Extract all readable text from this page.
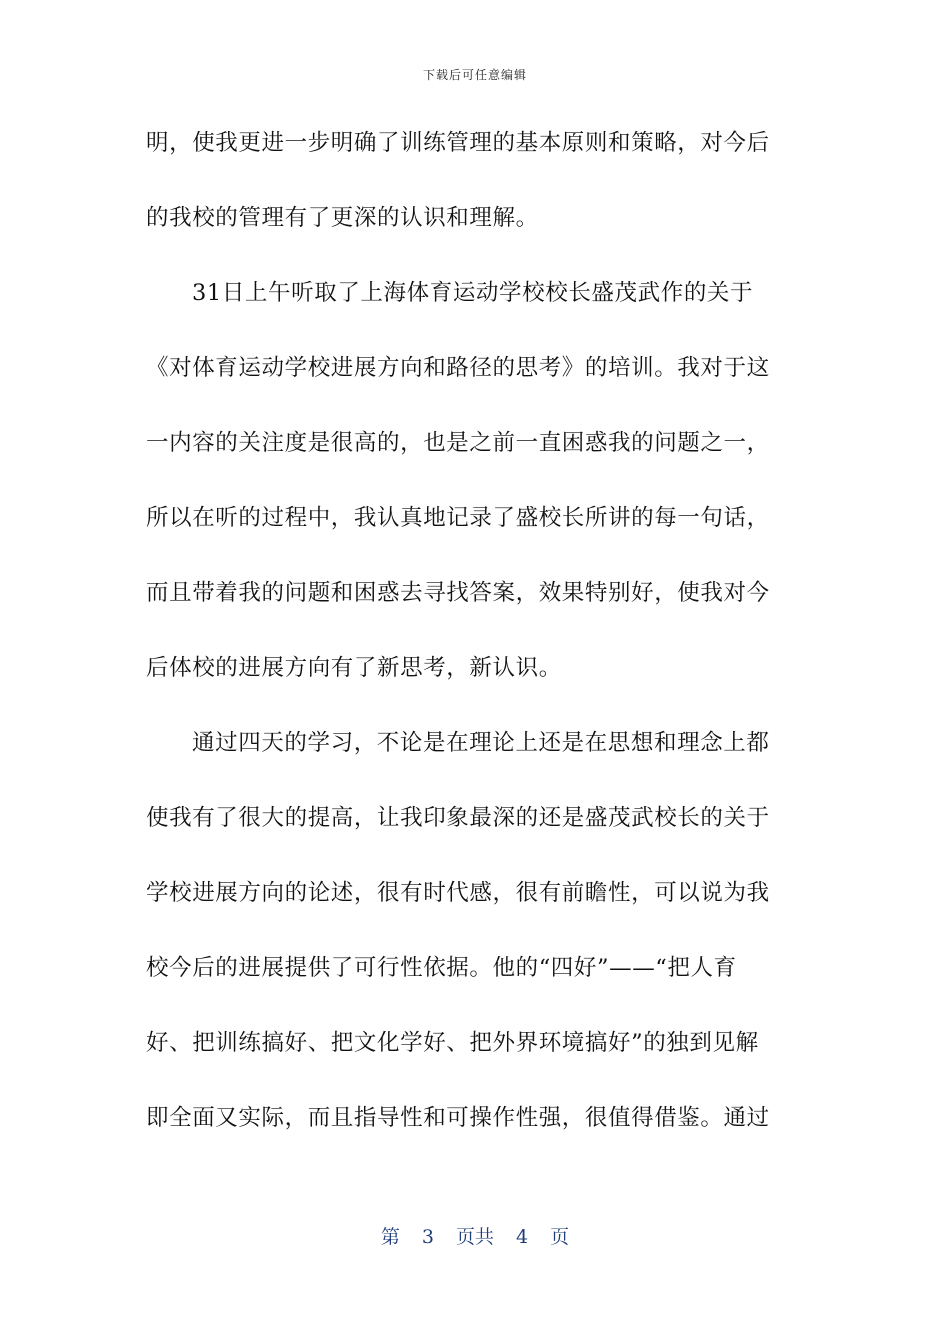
下载后可任意编辑
明，使我更进一步明确了训练管理的基本原则和策略，对今后
的我校的管理有了更深的认识和理解。
31日上午听取了上海体育运动学校校长盛茂武作的关于
《对体育运动学校进展方向和路径的思考》的培训。我对于这
一内容的关注度是很高的，也是之前一直困惑我的问题之一，
所以在听的过程中，我认真地记录了盛校长所讲的每一句话，
而且带着我的问题和困惑去寻找答案，效果特别好，使我对今
后体校的进展方向有了新思考，新认识。
通过四天的学习，不论是在理论上还是在思想和理念上都
使我有了很大的提高，让我印象最深的还是盛茂武校长的关于
学校进展方向的论述，很有时代感，很有前瞻性，可以说为我
校今后的进展提供了可行性依据。他的“四好”——“把人育
好、把训练搞好、把文化学好、把外界环境搞好”的独到见解
即全面又实际，而且指导性和可操作性强，很值得借鉴。通过
第 3 页共 4 页
